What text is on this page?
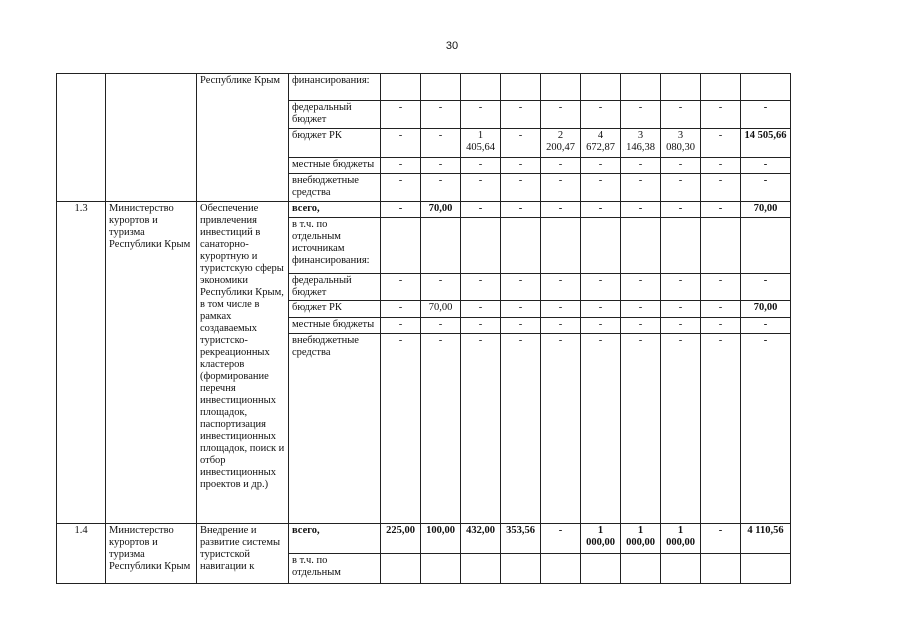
30
		Республике Крым	финансирования:										
			федеральный бюджет	-	-	-	-	-	-	-	-	-	-
			бюджет РК	-	-	1 405,64	-	2 200,47	4 672,87	3 146,38	3 080,30	-	14 505,66
			местные бюджеты	-	-	-	-	-	-	-	-	-	-
			внебюджетные средства	-	-	-	-	-	-	-	-	-	-
1.3	Министерство курортов и туризма Республики Крым	Обеспечение привлечения инвестиций в санаторно-курортную и туристскую сферы экономики Республики Крым, в том числе в рамках создаваемых туристско-рекреационных кластеров (формирование перечня инвестиционных площадок, паспортизация инвестиционных площадок, поиск и отбор инвестиционных проектов и др.)	всего,	-	70,00	-	-	-	-	-	-	-	70,00
			в т.ч. по отдельным источникам финансирования:										
			федеральный бюджет	-	-	-	-	-	-	-	-	-	-
			бюджет РК	-	70,00	-	-	-	-	-	-	-	70,00
			местные бюджеты	-	-	-	-	-	-	-	-	-	-
			внебюджетные средства	-	-	-	-	-	-	-	-	-	-
1.4	Министерство курортов и туризма Республики Крым	Внедрение и развитие системы туристской навигации к	всего,	225,00	100,00	432,00	353,56	-	1 000,00	1 000,00	1 000,00	-	4 110,56
			в т.ч. по отдельным										
